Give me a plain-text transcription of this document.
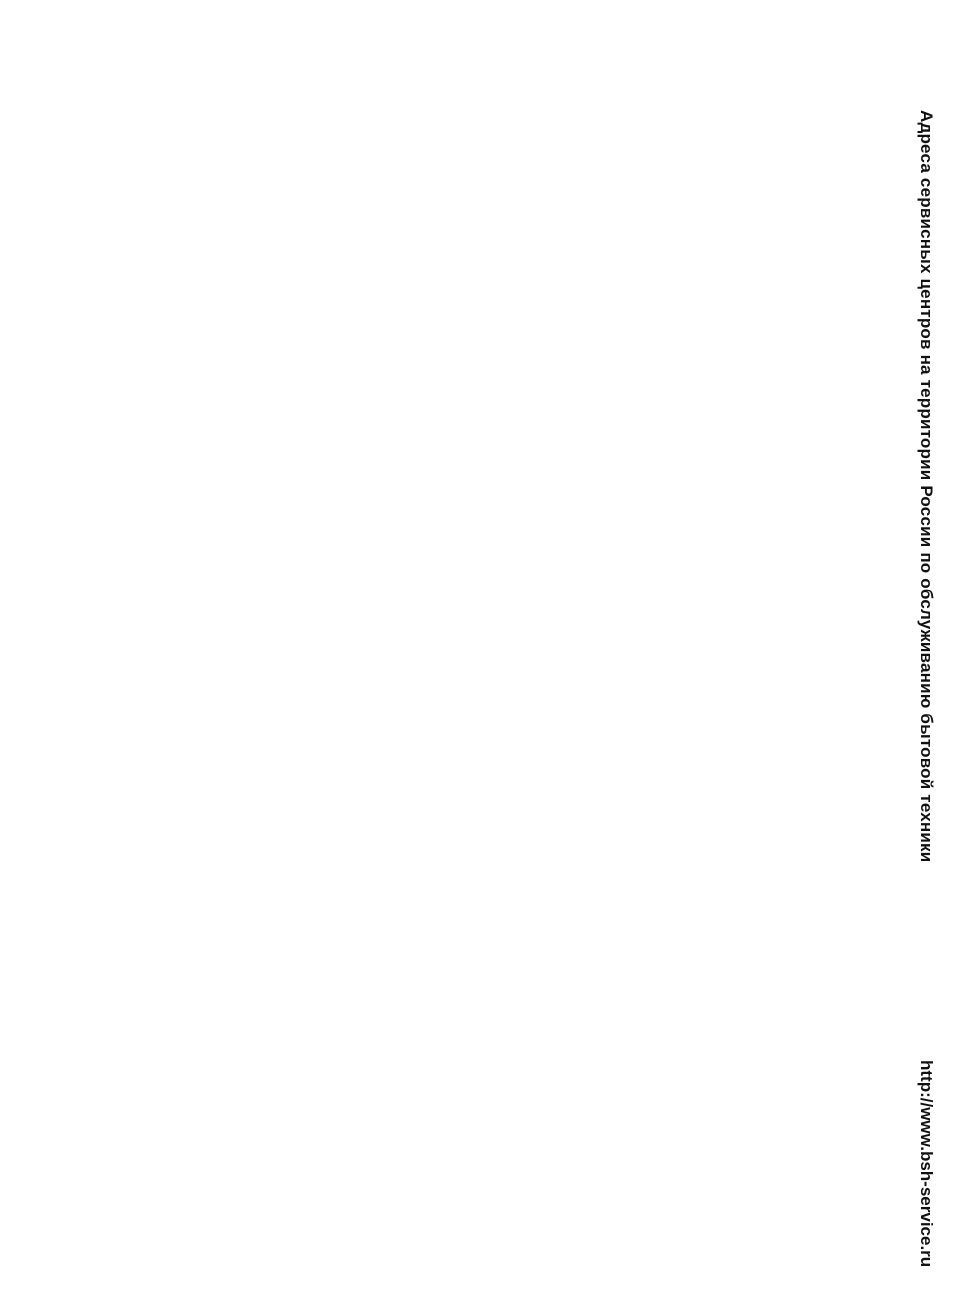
Адреса сервисных центров на территории России по обслуживанию бытовой техники
http://www.bsh-service.ru
